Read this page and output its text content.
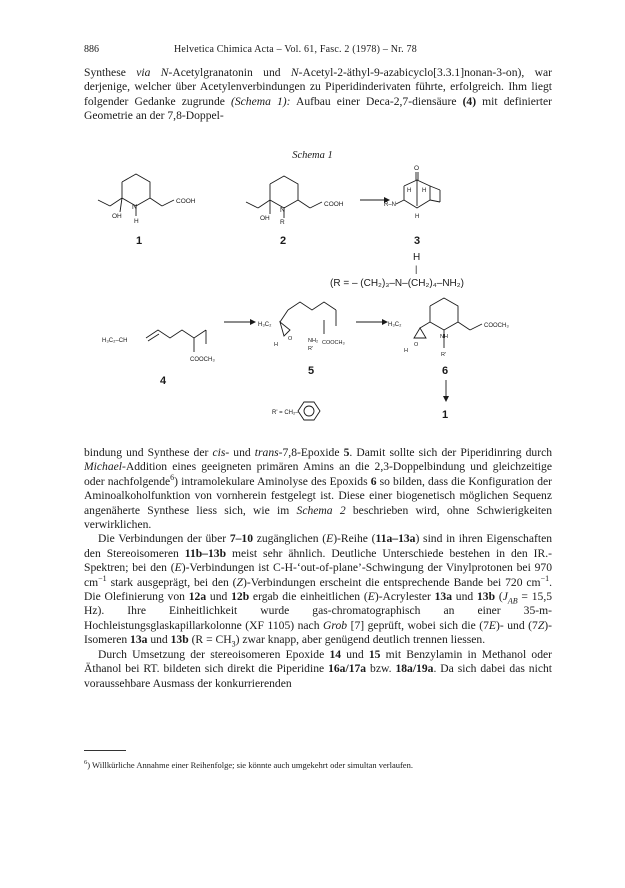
886	Helvetica Chimica Acta – Vol. 61, Fasc. 2 (1978) – Nr. 78

Synthese via N-Acetylgranatonin und N-Acetyl-2-äthyl-9-azabicyclo[3.3.1]nonan-3-on), war derjenige, welcher über Acetylenverbindungen zu Piperidinderivaten führte, erfolgreich. Ihm liegt folgender Gedanke zugrunde (Schema 1): Aufbau einer Deca-2,7-diensäure (4) mit definierter Geometrie an der 7,8-Doppel-

Schema 1
COOH
N
OH
H
1
COOH
N
OH
R
2
O
H H
R–N
H
3
H
|
(R = – (CH₂)₃–N–(CH₂)₄–NH₂)
H₃C₂–CH
COOCH₃
4
H₃C₂
O
H
NH₂
R'
COOCH₃
5
H₃C₂
O
H
NH
R'
COOCH₃
6
1
R' = CH₂–

bindung und Synthese der cis- und trans-7,8-Epoxide 5. Damit sollte sich der Piperidinring durch Michael-Addition eines geeigneten primären Amins an die 2,3-Doppelbindung und gleichzeitige oder nachfolgende$^6$) intramolekulare Aminolyse des Epoxids 6 so bilden, dass die Konfiguration der Aminoalkoholfunktion von vornherein festgelegt ist. Diese einer biogenetisch möglichen Sequenz angenäherte Synthese liess sich, wie im Schema 2 beschrieben wird, ohne Schwierigkeiten verwirklichen.

Die Verbindungen der über 7–10 zugänglichen (E)-Reihe (11a–13a) sind in ihren Eigenschaften den Stereoisomeren 11b–13b meist sehr ähnlich. Deutliche Unterschiede bestehen in den IR.-Spektren; bei den (E)-Verbindungen ist C-H-‘out-of-plane’-Schwingung der Vinylprotonen bei 970 $cm^{-1}$ stark ausgeprägt, bei den (Z)-Verbindungen erscheint die entsprechende Bande bei 720 $cm^{-1}$. Die Olefinierung von 12a und 12b ergab die einheitlichen (E)-Acrylester 13a und 13b ($J_{AB} = 15,5$ Hz). Ihre Einheitlichkeit wurde gas-chromatographisch an einer 35-m-Hochleistungsglaskapillarkolonne (XF 1105) nach Grob [7] geprüft, wobei sich die (7E)- und (7Z)-Isomeren 13a und 13b $(R = CH_3)$ zwar knapp, aber genügend deutlich trennen liessen.

Durch Umsetzung der stereoisomeren Epoxide 14 und 15 mit Benzylamin in Methanol oder Äthanol bei RT. bildeten sich direkt die Piperidine 16a/17a bzw. 18a/19a. Da sich dabei das nicht voraussehbare Ausmass der konkurrierenden

$^6$) Willkürliche Annahme einer Reihenfolge; sie könnte auch umgekehrt oder simultan verlaufen.
